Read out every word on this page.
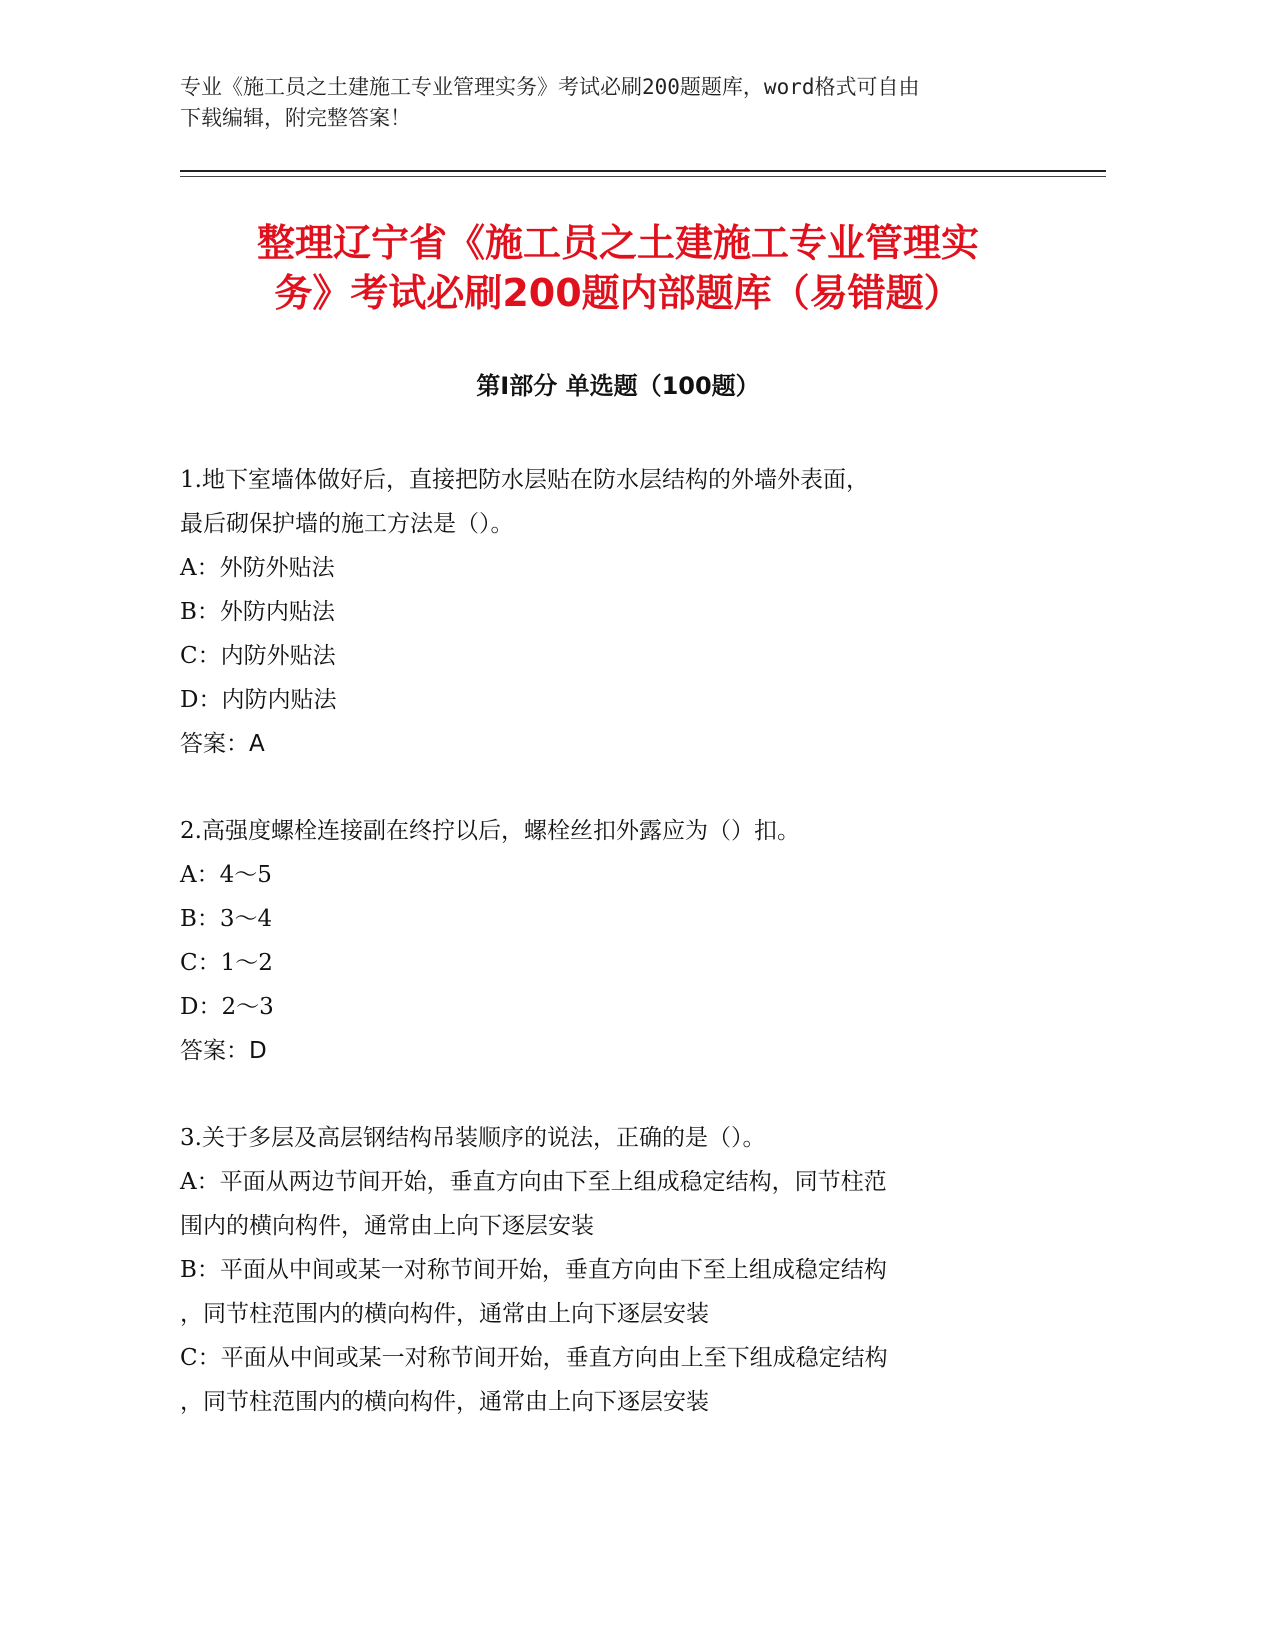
专业《施工员之土建施工专业管理实务》考试必刷200题题库，word格式可自由
下载编辑，附完整答案！
整理辽宁省《施工员之土建施工专业管理实
务》考试必刷200题内部题库（易错题）
第Ⅰ部分 单选题（100题）

1.地下室墙体做好后，直接把防水层贴在防水层结构的外墙外表面，

最后砌保护墙的施工方法是（）。

A：外防外贴法

B：外防内贴法

C：内防外贴法

D：内防内贴法

答案：A

2.高强度螺栓连接副在终拧以后，螺栓丝扣外露应为（）扣。

A：4～5

B：3～4

C：1～2

D：2～3

答案：D

3.关于多层及高层钢结构吊装顺序的说法，正确的是（）。

A：平面从两边节间开始，垂直方向由下至上组成稳定结构，同节柱范

围内的横向构件，通常由上向下逐层安装

B：平面从中间或某一对称节间开始，垂直方向由下至上组成稳定结构

，同节柱范围内的横向构件，通常由上向下逐层安装

C：平面从中间或某一对称节间开始，垂直方向由上至下组成稳定结构

，同节柱范围内的横向构件，通常由上向下逐层安装
